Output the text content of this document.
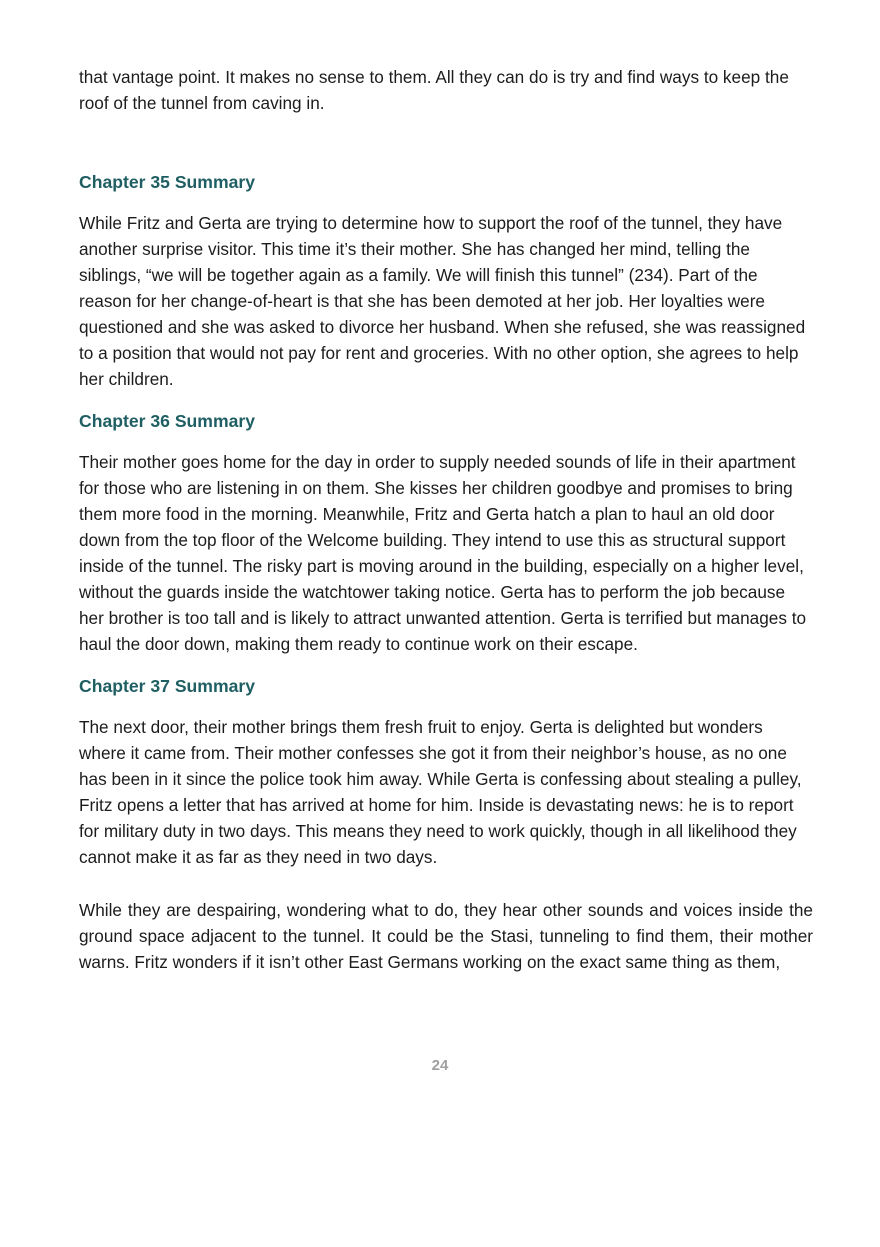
that vantage point. It makes no sense to them. All they can do is try and find ways to keep the roof of the tunnel from caving in.

Chapter 35 Summary

While Fritz and Gerta are trying to determine how to support the roof of the tunnel, they have another surprise visitor. This time it’s their mother. She has changed her mind, telling the siblings, “we will be together again as a family. We will finish this tunnel” (234). Part of the reason for her change-of-heart is that she has been demoted at her job. Her loyalties were questioned and she was asked to divorce her husband. When she refused, she was reassigned to a position that would not pay for rent and groceries. With no other option, she agrees to help her children.

Chapter 36 Summary

Their mother goes home for the day in order to supply needed sounds of life in their apartment for those who are listening in on them. She kisses her children goodbye and promises to bring them more food in the morning. Meanwhile, Fritz and Gerta hatch a plan to haul an old door down from the top floor of the Welcome building. They intend to use this as structural support inside of the tunnel. The risky part is moving around in the building, especially on a higher level, without the guards inside the watchtower taking notice. Gerta has to perform the job because her brother is too tall and is likely to attract unwanted attention. Gerta is terrified but manages to haul the door down, making them ready to continue work on their escape.

Chapter 37 Summary

The next door, their mother brings them fresh fruit to enjoy. Gerta is delighted but wonders where it came from. Their mother confesses she got it from their neighbor’s house, as no one has been in it since the police took him away. While Gerta is confessing about stealing a pulley, Fritz opens a letter that has arrived at home for him. Inside is devastating news: he is to report for military duty in two days. This means they need to work quickly, though in all likelihood they cannot make it as far as they need in two days.

While they are despairing, wondering what to do, they hear other sounds and voices inside the ground space adjacent to the tunnel. It could be the Stasi, tunneling to find them, their mother warns. Fritz wonders if it isn’t other East Germans working on the exact same thing as them,

24
